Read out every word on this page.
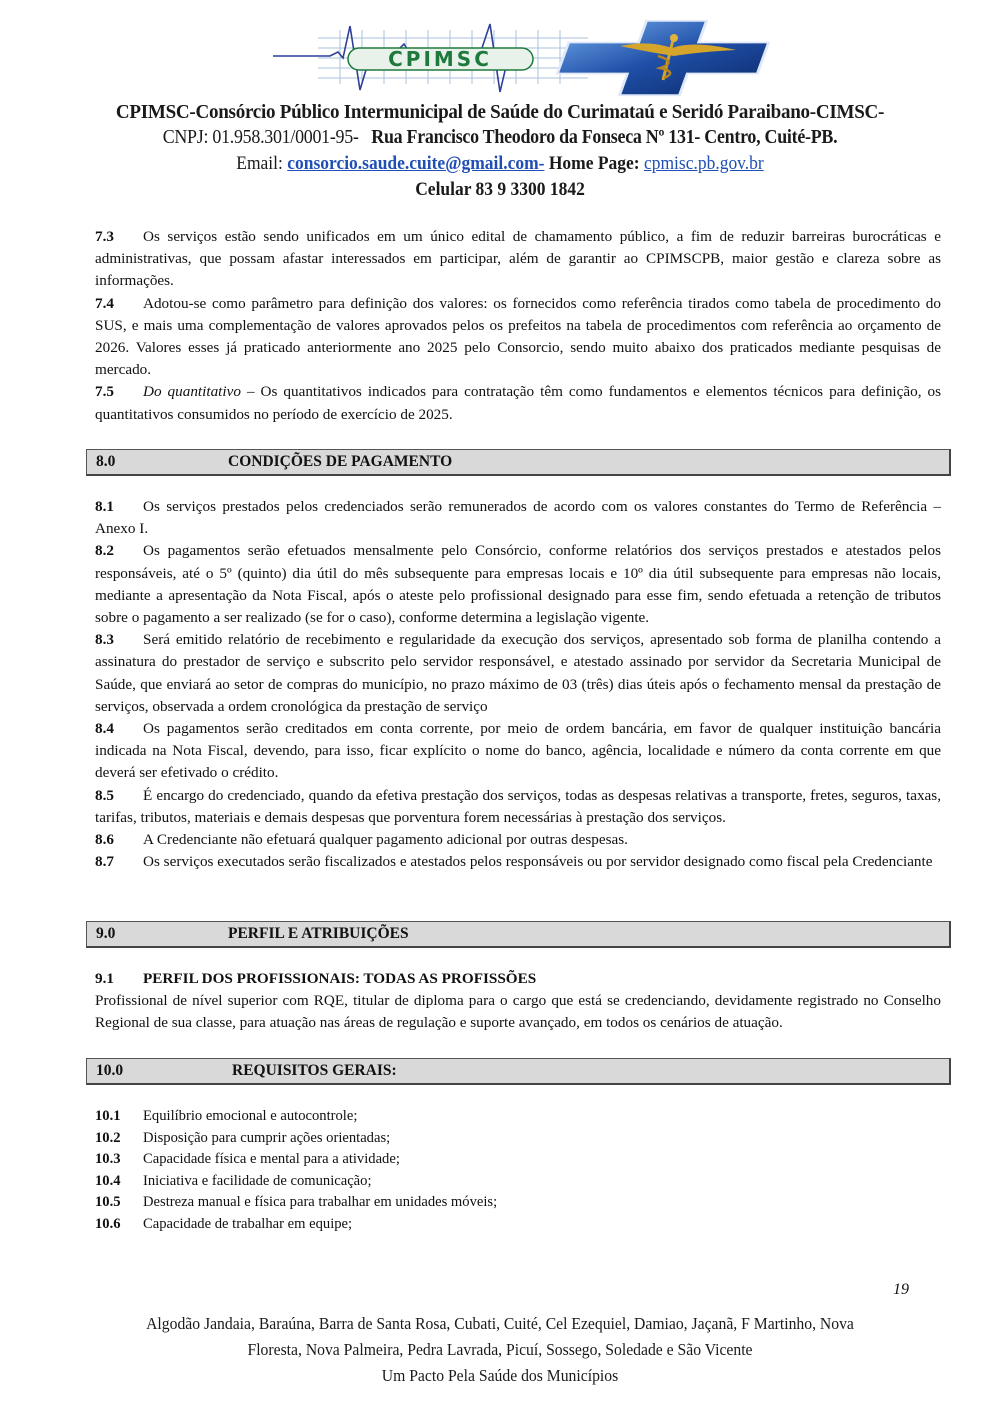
CPIMSC
CPIMSC-Consórcio Público Intermunicipal de Saúde do Curimataú e Seridó Paraibano-CIMSC-
CNPJ: 01.958.301/0001-95- Rua Francisco Theodoro da Fonseca Nº 131- Centro, Cuité-PB.
Email: consorcio.saude.cuite@gmail.com- Home Page: cpmisc.pb.gov.br
Celular 83 9 3300 1842

7.3 Os serviços estão sendo unificados em um único edital de chamamento público, a fim de reduzir barreiras burocráticas e administrativas, que possam afastar interessados em participar, além de garantir ao CPIMSCPB, maior gestão e clareza sobre as informações.

7.4 Adotou-se como parâmetro para definição dos valores: os fornecidos como referência tirados como tabela de procedimento do SUS, e mais uma complementação de valores aprovados pelos os prefeitos na tabela de procedimentos com referência ao orçamento de 2026. Valores esses já praticado anteriormente ano 2025 pelo Consorcio, sendo muito abaixo dos praticados mediante pesquisas de mercado.

7.5 Do quantitativo – Os quantitativos indicados para contratação têm como fundamentos e elementos técnicos para definição, os quantitativos consumidos no período de exercício de 2025.

8.0	CONDIÇÕES DE PAGAMENTO

8.1 Os serviços prestados pelos credenciados serão remunerados de acordo com os valores constantes do Termo de Referência – Anexo I.

8.2 Os pagamentos serão efetuados mensalmente pelo Consórcio, conforme relatórios dos serviços prestados e atestados pelos responsáveis, até o 5º (quinto) dia útil do mês subsequente para empresas locais e 10º dia útil subsequente para empresas não locais, mediante a apresentação da Nota Fiscal, após o ateste pelo profissional designado para esse fim, sendo efetuada a retenção de tributos sobre o pagamento a ser realizado (se for o caso), conforme determina a legislação vigente.

8.3 Será emitido relatório de recebimento e regularidade da execução dos serviços, apresentado sob forma de planilha contendo a assinatura do prestador de serviço e subscrito pelo servidor responsável, e atestado assinado por servidor da Secretaria Municipal de Saúde, que enviará ao setor de compras do município, no prazo máximo de 03 (três) dias úteis após o fechamento mensal da prestação de serviços, observada a ordem cronológica da prestação de serviço

8.4 Os pagamentos serão creditados em conta corrente, por meio de ordem bancária, em favor de qualquer instituição bancária indicada na Nota Fiscal, devendo, para isso, ficar explícito o nome do banco, agência, localidade e número da conta corrente em que deverá ser efetivado o crédito.

8.5 É encargo do credenciado, quando da efetiva prestação dos serviços, todas as despesas relativas a transporte, fretes, seguros, taxas, tarifas, tributos, materiais e demais despesas que porventura forem necessárias à prestação dos serviços.

8.6 A Credenciante não efetuará qualquer pagamento adicional por outras despesas.

8.7 Os serviços executados serão fiscalizados e atestados pelos responsáveis ou por servidor designado como fiscal pela Credenciante

9.0	PERFIL E ATRIBUIÇÕES

9.1 PERFIL DOS PROFISSIONAIS: TODAS AS PROFISSÕES

Profissional de nível superior com RQE, titular de diploma para o cargo que está se credenciando, devidamente registrado no Conselho Regional de sua classe, para atuação nas áreas de regulação e suporte avançado, em todos os cenários de atuação.

10.0	REQUISITOS GERAIS:
10.1 Equilíbrio emocional e autocontrole;
10.2 Disposição para cumprir ações orientadas;
10.3 Capacidade física e mental para a atividade;
10.4 Iniciativa e facilidade de comunicação;
10.5 Destreza manual e física para trabalhar em unidades móveis;
10.6 Capacidade de trabalhar em equipe;
19
Algodão Jandaia, Baraúna, Barra de Santa Rosa, Cubati, Cuité, Cel Ezequiel, Damiao, Jaçanã, F Martinho, Nova
Floresta, Nova Palmeira, Pedra Lavrada, Picuí, Sossego, Soledade e São Vicente
Um Pacto Pela Saúde dos Municípios
